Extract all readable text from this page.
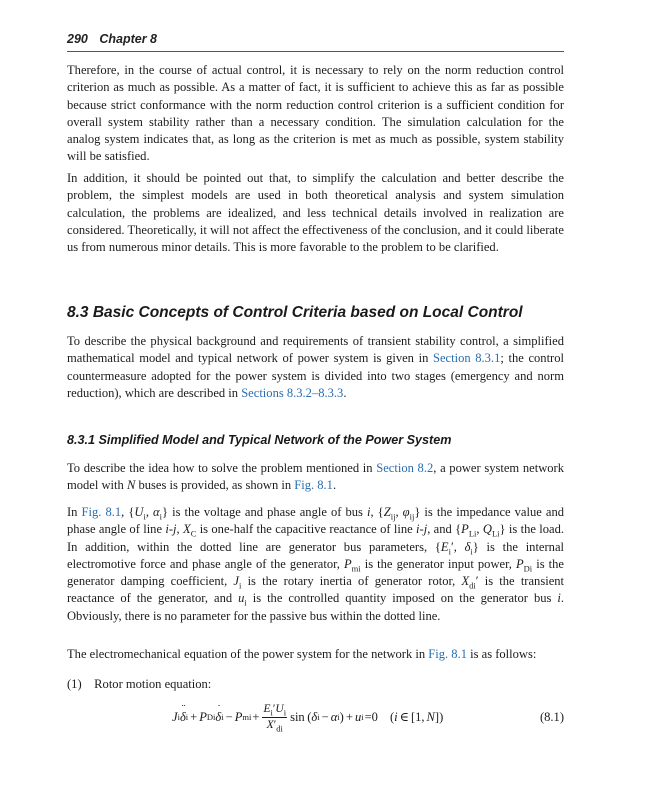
290 Chapter 8

Therefore, in the course of actual control, it is necessary to rely on the norm reduction control criterion as much as possible. As a matter of fact, it is sufficient to achieve this as far as possible because strict conformance with the norm reduction control criterion is a sufficient condition for overall system stability rather than a necessary condition. The simulation calculation for the analog system indicates that, as long as the criterion is met as much as possible, system stability will be satisfied.

In addition, it should be pointed out that, to simplify the calculation and better describe the problem, the simplest models are used in both theoretical analysis and system simulation calculation, the problems are idealized, and less technical details involved in realization are considered. Theoretically, it will not affect the effectiveness of the conclusion, and it could liberate us from numerous minor details. This is more favorable to the problem to be clarified.

8.3 Basic Concepts of Control Criteria based on Local Control

To describe the physical background and requirements of transient stability control, a simplified mathematical model and typical network of power system is given in Section 8.3.1; the control countermeasure adopted for the power system is divided into two stages (emergency and norm reduction), which are described in Sections 8.3.2–8.3.3.

8.3.1 Simplified Model and Typical Network of the Power System

To describe the idea how to solve the problem mentioned in Section 8.2, a power system network model with N buses is provided, as shown in Fig. 8.1.

In Fig. 8.1, {$U_i$, $\alpha_i$} is the voltage and phase angle of bus i, {$Z_{ij}$, $\varphi_{ij}$} is the impedance value and phase angle of line i-j, $X_C$ is one-half the capacitive reactance of line i-j, and {$P_{Li}$, $Q_{Li}$} is the load. In addition, within the dotted line are generator bus parameters, {$E_i'$, $\delta_i$} is the internal electromotive force and phase angle of the generator, $P_{mi}$ is the generator input power, $P_{Di}$ is the generator damping coefficient, $J_i$ is the rotary inertia of generator rotor, $X_{di}'$ is the transient reactance of the generator, and $u_i$ is the controlled quantity imposed on the generator bus i. Obviously, there is no parameter for the passive bus within the dotted line.

The electromechanical equation of the power system for the network in Fig. 8.1 is as follows:

(1) Rotor motion equation:

J i ¨ δ i + P Di ˙ δ i − P mi + $\frac{E_i'U_i}{X'_{di}}$ sin ( δ i − α i ) + u i =0 ( i ∈ [1, N ])	(8.1)
